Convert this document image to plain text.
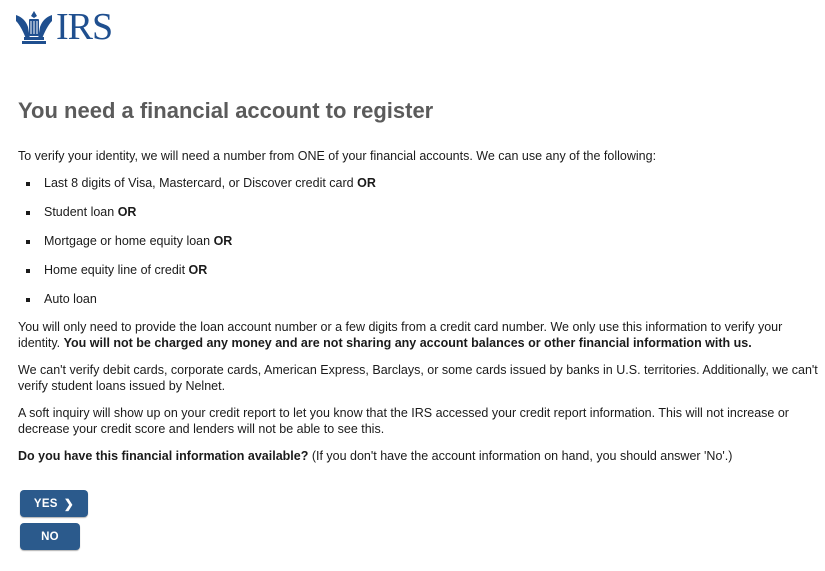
IRS
You need a financial account to register

To verify your identity, we will need a number from ONE of your financial accounts. We can use any of the following:

Last 8 digits of Visa, Mastercard, or Discover credit card OR
Student loan OR
Mortgage or home equity loan OR
Home equity line of credit OR
Auto loan

You will only need to provide the loan account number or a few digits from a credit card number. We only use this information to verify your identity. You will not be charged any money and are not sharing any account balances or other financial information with us.

We can't verify debit cards, corporate cards, American Express, Barclays, or some cards issued by banks in U.S. territories. Additionally, we can't verify student loans issued by Nelnet.

A soft inquiry will show up on your credit report to let you know that the IRS accessed your credit report information. This will not increase or decrease your credit score and lenders will not be able to see this.

Do you have this financial information available? (If you don't have the account information on hand, you should answer 'No'.)

YES ❯
NO
